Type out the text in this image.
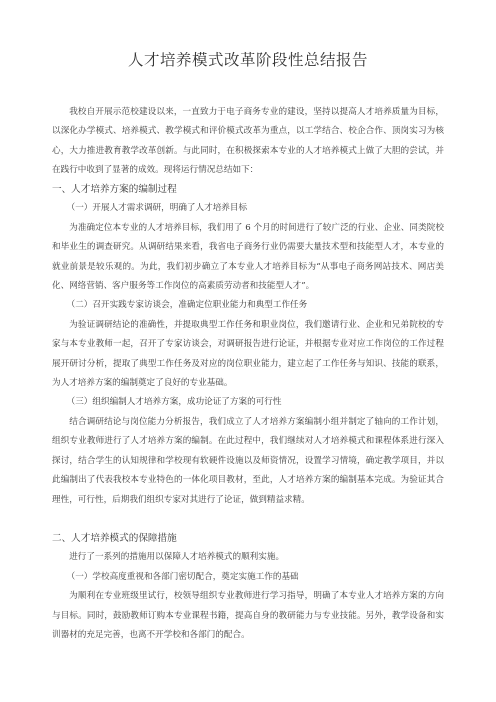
人才培养模式改革阶段性总结报告

我校自开展示范校建设以来，一直致力于电子商务专业的建设，坚持以提高人才培养质量为目标，以深化办学模式、培养模式、教学模式和评价模式改革为重点，以工学结合、校企合作、顶岗实习为核心，大力推进教育教学改革创新。与此同时，在积极探索本专业的人才培养模式上做了大胆的尝试，并在践行中收到了显著的成效。现将运行情况总结如下：

一、人才培养方案的编制过程

（一）开展人才需求调研，明确了人才培养目标

为准确定位本专业的人才培养目标，我们用了 6 个月的时间进行了较广泛的行业、企业、同类院校和毕业生的调查研究。从调研结果来看，我省电子商务行业仍需要大量技术型和技能型人才，本专业的就业前景是较乐观的。为此，我们初步确立了本专业人才培养目标为“从事电子商务网站技术、网店美化、网络营销、客户服务等工作岗位的高素质劳动者和技能型人才”。

（二）召开实践专家访谈会，准确定位职业能力和典型工作任务

为验证调研结论的准确性，并提取典型工作任务和职业岗位，我们邀请行业、企业和兄弟院校的专家与本专业教师一起，召开了专家访谈会，对调研报告进行论证，并根据专业对应工作岗位的工作过程展开研讨分析，提取了典型工作任务及对应的岗位职业能力，建立起了工作任务与知识、技能的联系，为人才培养方案的编制奠定了良好的专业基础。

（三）组织编制人才培养方案，成功论证了方案的可行性

结合调研结论与岗位能力分析报告，我们成立了人才培养方案编制小组并制定了轴向的工作计划，组织专业教师进行了人才培养方案的编制。在此过程中，我们继续对人才培养模式和课程体系进行深入探讨，结合学生的认知规律和学校现有软硬件设施以及师资情况，设置学习情境，确定教学项目，并以此编制出了代表我校本专业特色的一体化项目教材，至此，人才培养方案的编制基本完成。为验证其合理性，可行性，后期我们组织专家对其进行了论证，做到精益求精。

二、人才培养模式的保障措施

进行了一系列的措施用以保障人才培养模式的顺利实施。

（一）学校高度重视和各部门密切配合，奠定实施工作的基础

为顺利在专业班级里试行，校领导组织专业教师进行学习指导，明确了本专业人才培养方案的方向与目标。同时，鼓励教师订购本专业课程书籍，提高自身的教研能力与专业技能。另外，教学设备和实训器材的充足完善，也离不开学校和各部门的配合。
